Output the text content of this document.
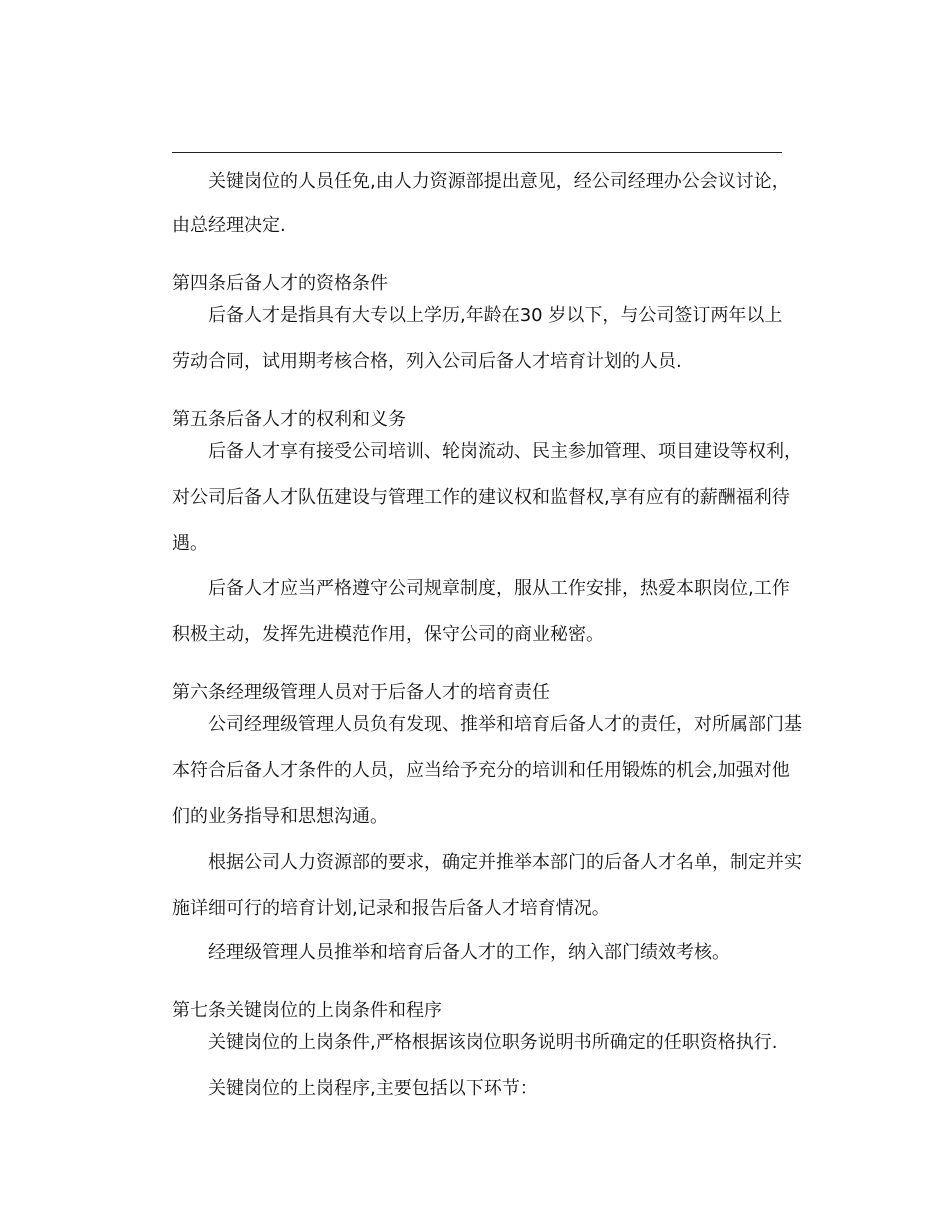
关键岗位的人员任免,由人力资源部提出意见，经公司经理办公会议讨论，
由总经理决定.
第四条后备人才的资格条件
后备人才是指具有大专以上学历,年龄在30 岁以下，与公司签订两年以上
劳动合同，试用期考核合格，列入公司后备人才培育计划的人员.
第五条后备人才的权利和义务
后备人才享有接受公司培训、轮岗流动、民主参加管理、项目建设等权利，
对公司后备人才队伍建设与管理工作的建议权和监督权,享有应有的薪酬福利待
遇。
后备人才应当严格遵守公司规章制度，服从工作安排，热爱本职岗位,工作
积极主动，发挥先进模范作用，保守公司的商业秘密。
第六条经理级管理人员对于后备人才的培育责任
公司经理级管理人员负有发现、推举和培育后备人才的责任，对所属部门基
本符合后备人才条件的人员，应当给予充分的培训和任用锻炼的机会,加强对他
们的业务指导和思想沟通。
根据公司人力资源部的要求，确定并推举本部门的后备人才名单，制定并实
施详细可行的培育计划,记录和报告后备人才培育情况。
经理级管理人员推举和培育后备人才的工作，纳入部门绩效考核。
第七条关键岗位的上岗条件和程序
关键岗位的上岗条件,严格根据该岗位职务说明书所确定的任职资格执行.
关键岗位的上岗程序,主要包括以下环节：
